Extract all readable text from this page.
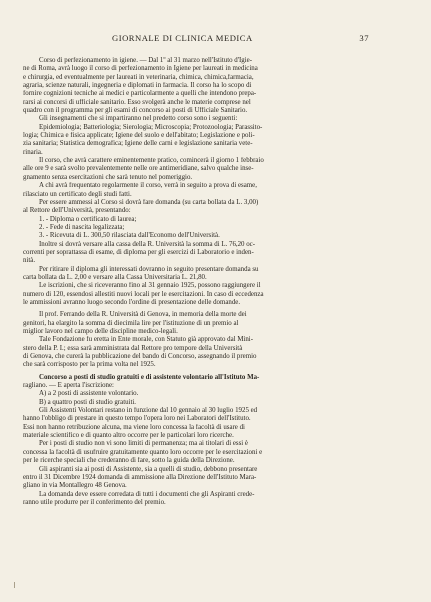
GIORNALE DI CLINICA MEDICA	37
Corso di perfezionamento in igiene. — Dal 1º al 31 marzo nell'Istituto d'Igie-
ne di Roma, avrà luogo il corso di perfezionamento in Igiene per laureati in medicina
e chirurgia, ed eventualmente per laureati in veterinaria, chimica, chimica,farmacia,
agraria, scienze naturali, ingegneria e diplomati in farmacia. Il corso ha lo scopo di
fornire cognizioni tecniche ai medici e particolarmente a quelli che intendono prepa-
rarsi ai concorsi di ufficiale sanitario. Esso svolgerà anche le materie comprese nel
quadro con il programma per gli esami di concorso ai posti di Ufficiale Sanitario.
Gli insegnamenti che si impartiranno nel predetto corso sono i seguenti:
Epidemiologia; Batteriologia; Sierologia; Microscopia; Protozoologia; Parassito-
logia; Chimica e fisica applicate; Igiene del suolo e dell'abitato; Legislazione e poli-
zia sanitaria; Statistica demografica; Igiene delle carni e legislazione sanitaria vete-
rinaria.
Il corso, che avrà carattere eminentemente pratico, comincerà il giorno 1 febbraio
alle ore 9 e sarà svolto prevalentemente nelle ore antimeridiane, salvo qualche inse-
gnamento senza esercitazioni che sarà tenuto nel pomeriggio.
A chi avrà frequentato regolarmente il corso, verrà in seguito a prova di esame,
rilasciato un certificato degli studi fatti.
Per essere ammessi al Corso si dovrà fare domanda (su carta bollata da L. 3,00)
al Rettore dell'Università, presentando:
1. - Diploma o certificato di laurea;
2. - Fede di nascita legalizzata;
3. - Ricevuta di L. 300,50 rilasciata dall'Economo dell'Università.
Inoltre si dovrà versare alla cassa della R. Università la somma di L. 76,20 oc-
correnti per soprattassa di esame, di diploma per gli esercizi di Laboratorio e inden-
nità.
Per ritirare il diploma gli interessati dovranno in seguito presentare domanda su
carta bollata da L. 2,00 e versare alla Cassa Universitaria L. 21,80.
Le iscrizioni, che si riceveranno fino al 31 gennaio 1925, possono raggiungere il
numero di 120, essendosi allestiti nuovi locali per le esercitazioni. In caso di eccedenza
le ammissioni avranno luogo secondo l'ordine di presentazione delle domande.
Il prof. Ferrando della R. Università di Genova, in memoria della morte dei
genitori, ha elargito la somma di diecimila lire per l'istituzione di un premio al
miglior lavoro nel campo delle discipline medico-legali.
Tale Fondazione fu eretta in Ente morale, con Statuto già approvato dal Mini-
stero della P. I.; essa sarà amministrata dal Rettore pro tempore della Università
di Genova, che curerà la pubblicazione del bando di Concorso, assegnando il premio
che sarà corrisposto per la prima volta nel 1925.
Concorso a posti di studio gratuiti e di assistente volontario all'Istituto Ma-
ragliano. — È aperta l'iscrizione:
A) a 2 posti di assistente volontario.
B) a quattro posti di studio gratuiti.
Gli Assistenti Volontari restano in funzione dal 10 gennaio al 30 luglio 1925 ed
hanno l'obbligo di prestare in questo tempo l'opera loro nei Laboratori dell'Istituto.
Essi non hanno retribuzione alcuna, ma viene loro concessa la facoltà di usare di
materiale scientifico e di quanto altro occorre per le particolari loro ricerche.
Per i posti di studio non vi sono limiti di permanenza; ma ai titolari di essi è
concessa la facoltà di usufruire gratuitamente quanto loro occorre per le esercitazioni e
per le ricerche speciali che crederanno di fare, sotto la guida della Direzione.
Gli aspiranti sia ai posti di Assistente, sia a quelli di studio, debbono presentare
entro il 31 Dicembre 1924 domanda di ammissione alla Direzione dell'Istituto Mara-
gliano in via Montallegro 48 Genova.
La domanda deve essere corredata di tutti i documenti che gli Aspiranti crede-
ranno utile produrre per il conferimento del premio.
